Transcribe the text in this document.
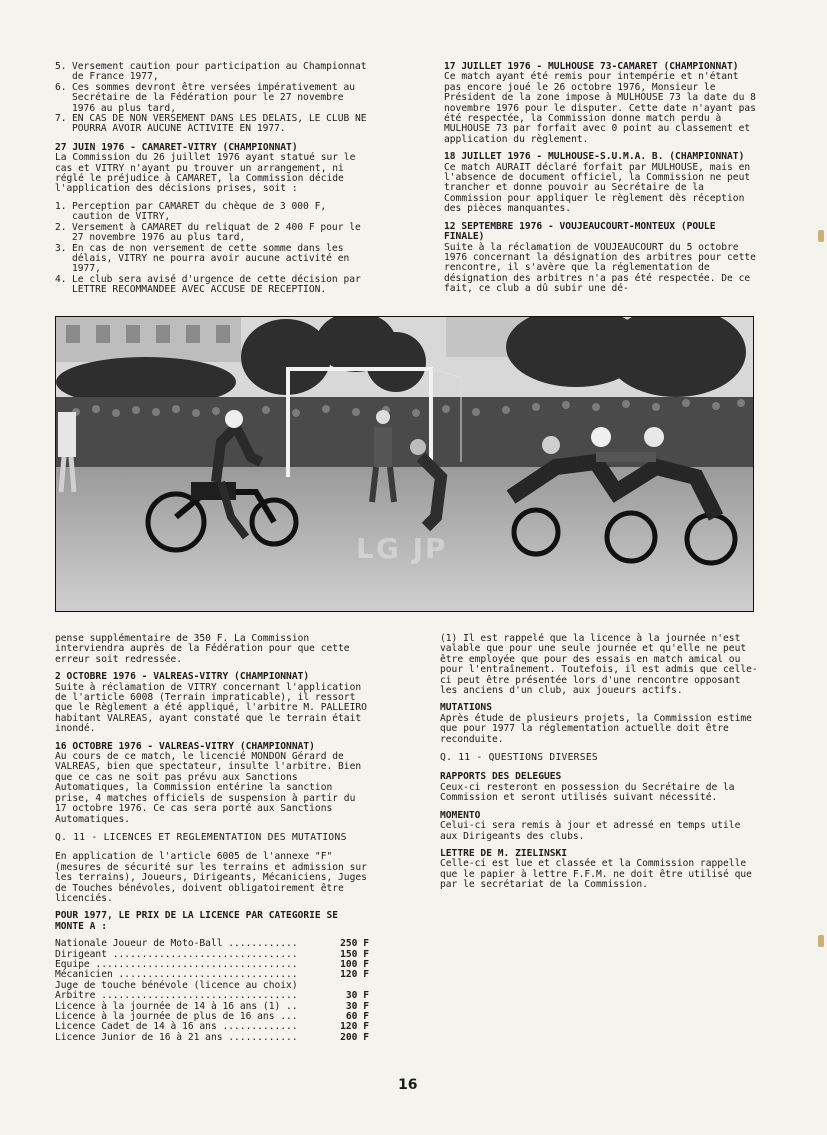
5. Versement caution pour participation au Championnat de France 1977,
6. Ces sommes devront être versées impérativement au Secrétaire de la Fédération pour le 27 novembre 1976 au plus tard,
7. EN CAS DE NON VERSEMENT DANS LES DELAIS, LE CLUB NE POURRA AVOIR AUCUNE ACTIVITE EN 1977.
27 JUIN 1976 - CAMARET-VITRY (CHAMPIONNAT)

La Commission du 26 juillet 1976 ayant statué sur le cas et VITRY n'ayant pu trouver un arrangement, ni réglé le préjudice à CAMARET, la Commission décide l'application des décisions prises, soit :

1. Perception par CAMARET du chèque de 3 000 F, caution de VITRY,
2. Versement à CAMARET du reliquat de 2 400 F pour le 27 novembre 1976 au plus tard,
3. En cas de non versement de cette somme dans les délais, VITRY ne pourra avoir aucune activité en 1977,
4. Le club sera avisé d'urgence de cette décision par LETTRE RECOMMANDEE AVEC ACCUSE DE RECEPTION.
17 JUILLET 1976 - MULHOUSE 73-CAMARET (CHAMPIONNAT)

Ce match ayant été remis pour intempérie et n'étant pas encore joué le 26 octobre 1976, Monsieur le Président de la zone impose à MULHOUSE 73 la date du 8 novembre 1976 pour le disputer. Cette date n'ayant pas été respectée, la Commission donne match perdu à MULHOUSE 73 par forfait avec 0 point au classement et application du règlement.

18 JUILLET 1976 - MULHOUSE-S.U.M.A. B. (CHAMPIONNAT)

Ce match AURAIT déclaré forfait par MULHOUSE, mais en l'absence de document officiel, la Commission ne peut trancher et donne pouvoir au Secrétaire de la Commission pour appliquer le règlement dès réception des pièces manquantes.

12 SEPTEMBRE 1976 - VOUJEAUCOURT-MONTEUX (POULE FINALE)

Suite à la réclamation de VOUJEAUCOURT du 5 octobre 1976 concernant la désignation des arbitres pour cette rencontre, il s'avère que la réglementation de désignation des arbitres n'a pas été respectée. De ce fait, ce club a dû subir une dé-

LG JP

pense supplémentaire de 350 F. La Commission interviendra auprès de la Fédération pour que cette erreur soit redressée.

2 OCTOBRE 1976 - VALREAS-VITRY (CHAMPIONNAT)

Suite à réclamation de VITRY concernant l'application de l'article 6008 (Terrain impraticable), il ressort que le Règlement a été appliqué, l'arbitre M. PALLEIRO habitant VALREAS, ayant constaté que le terrain était inondé.

16 OCTOBRE 1976 - VALREAS-VITRY (CHAMPIONNAT)

Au cours de ce match, le licencié MONDON Gérard de VALREAS, bien que spectateur, insulte l'arbitre. Bien que ce cas ne soit pas prévu aux Sanctions Automatiques, la Commission entérine la sanction prise, 4 matches officiels de suspension à partir du 17 octobre 1976. Ce cas sera porté aux Sanctions Automatiques.

Q. 11 - LICENCES ET REGLEMENTATION DES MUTATIONS

En application de l'article 6005 de l'annexe "F" (mesures de sécurité sur les terrains et admission sur les terrains), Joueurs, Dirigeants, Mécaniciens, Juges de Touches bénévoles, doivent obligatoirement être licenciés.

POUR 1977, LE PRIX DE LA LICENCE PAR CATEGORIE SE MONTE A :

Nationale Joueur de Moto-Ball ............	250 F
Dirigeant ................................	150 F
Equipe ...................................	100 F
Mécanicien ...............................	120 F
Juge de touche bénévole (licence au choix)
Arbitre ..................................	30 F
Licence à la journée de 14 à 16 ans (1) ..	30 F
Licence à la journée de plus de 16 ans ...	60 F
Licence Cadet de 14 à 16 ans .............	120 F
Licence Junior de 16 à 21 ans ............	200 F

(1) Il est rappelé que la licence à la journée n'est valable que pour une seule journée et qu'elle ne peut être employée que pour des essais en match amical ou pour l'entraînement. Toutefois, il est admis que celle-ci peut être présentée lors d'une rencontre opposant les anciens d'un club, aux joueurs actifs.

MUTATIONS

Après étude de plusieurs projets, la Commission estime que pour 1977 la réglementation actuelle doit être reconduite.

Q. 11 - QUESTIONS DIVERSES
RAPPORTS DES DELEGUES

Ceux-ci resteront en possession du Secrétaire de la Commission et seront utilisés suivant nécessité.

MOMENTO

Celui-ci sera remis à jour et adressé en temps utile aux Dirigeants des clubs.

LETTRE DE M. ZIELINSKI

Celle-ci est lue et classée et la Commission rappelle que le papier à lettre F.F.M. ne doit être utilisé que par le secrétariat de la Commission.

16
